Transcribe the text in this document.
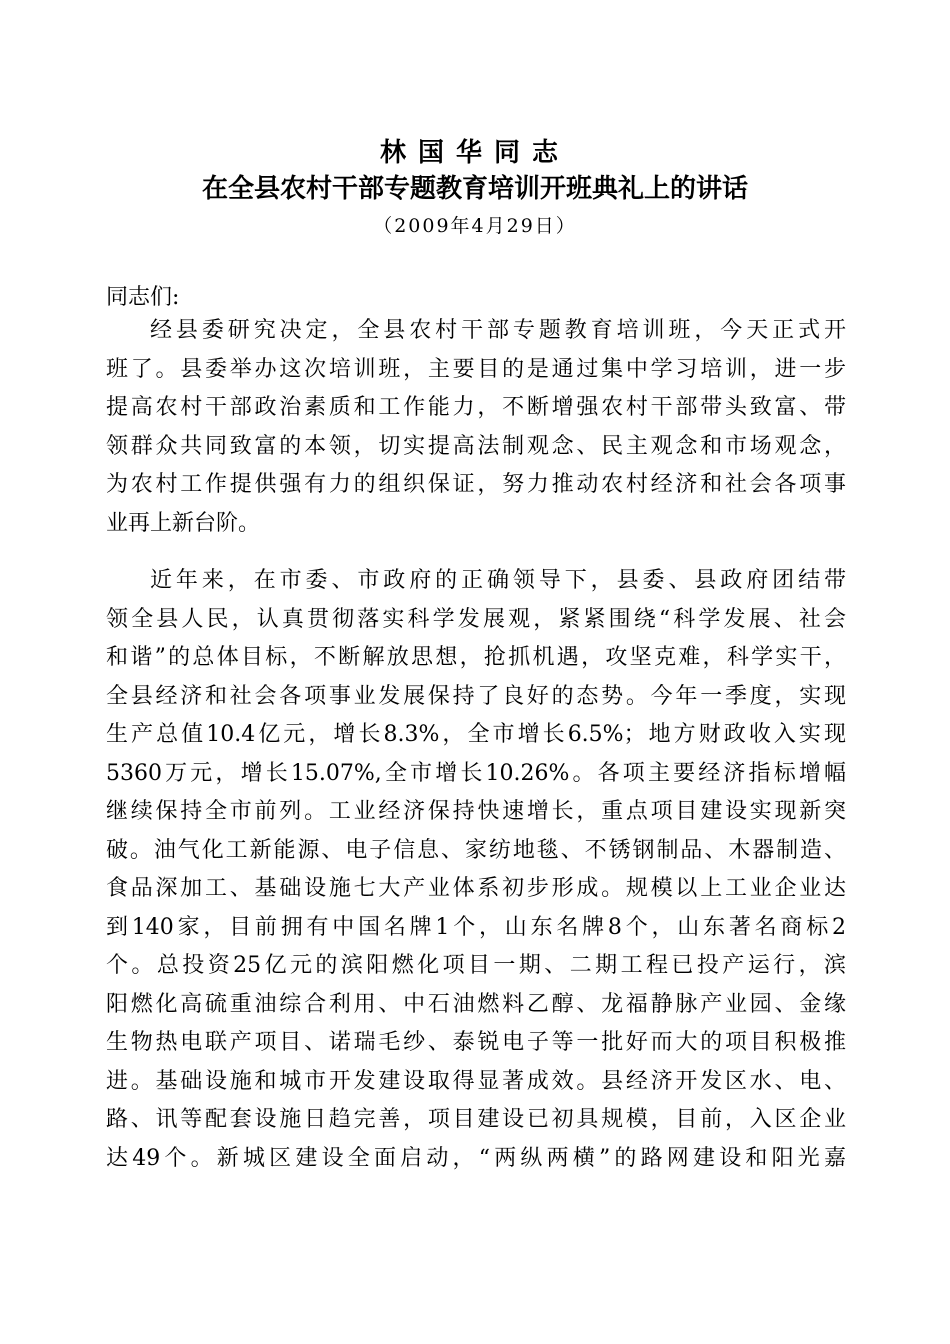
林国华同志
在全县农村干部专题教育培训开班典礼上的讲话
（2009年4月29日）
同志们:
经县委研究决定，全县农村干部专题教育培训班，今天正式开
班了。县委举办这次培训班，主要目的是通过集中学习培训，进一步
提高农村干部政治素质和工作能力，不断增强农村干部带头致富、带
领群众共同致富的本领，切实提高法制观念、民主观念和市场观念，
为农村工作提供强有力的组织保证，努力推动农村经济和社会各项事
业再上新台阶。
近年来，在市委、市政府的正确领导下，县委、县政府团结带
领全县人民，认真贯彻落实科学发展观，紧紧围绕“科学发展、社会
和谐”的总体目标，不断解放思想，抢抓机遇，攻坚克难，科学实干，
全县经济和社会各项事业发展保持了良好的态势。今年一季度，实现
生产总值10.4亿元，增长8.3%，全市增长6.5%；地方财政收入实现
5360万元，增长15.07%,全市增长10.26%。各项主要经济指标增幅
继续保持全市前列。工业经济保持快速增长，重点项目建设实现新突
破。油气化工新能源、电子信息、家纺地毯、不锈钢制品、木器制造、
食品深加工、基础设施七大产业体系初步形成。规模以上工业企业达
到140家，目前拥有中国名牌1个，山东名牌8个，山东著名商标2
个。总投资25亿元的滨阳燃化项目一期、二期工程已投产运行，滨
阳燃化高硫重油综合利用、中石油燃料乙醇、龙福静脉产业园、金缘
生物热电联产项目、诺瑞毛纱、泰锐电子等一批好而大的项目积极推
进。基础设施和城市开发建设取得显著成效。县经济开发区水、电、
路、讯等配套设施日趋完善，项目建设已初具规模，目前，入区企业
达49个。新城区建设全面启动，“两纵两横”的路网建设和阳光嘉
